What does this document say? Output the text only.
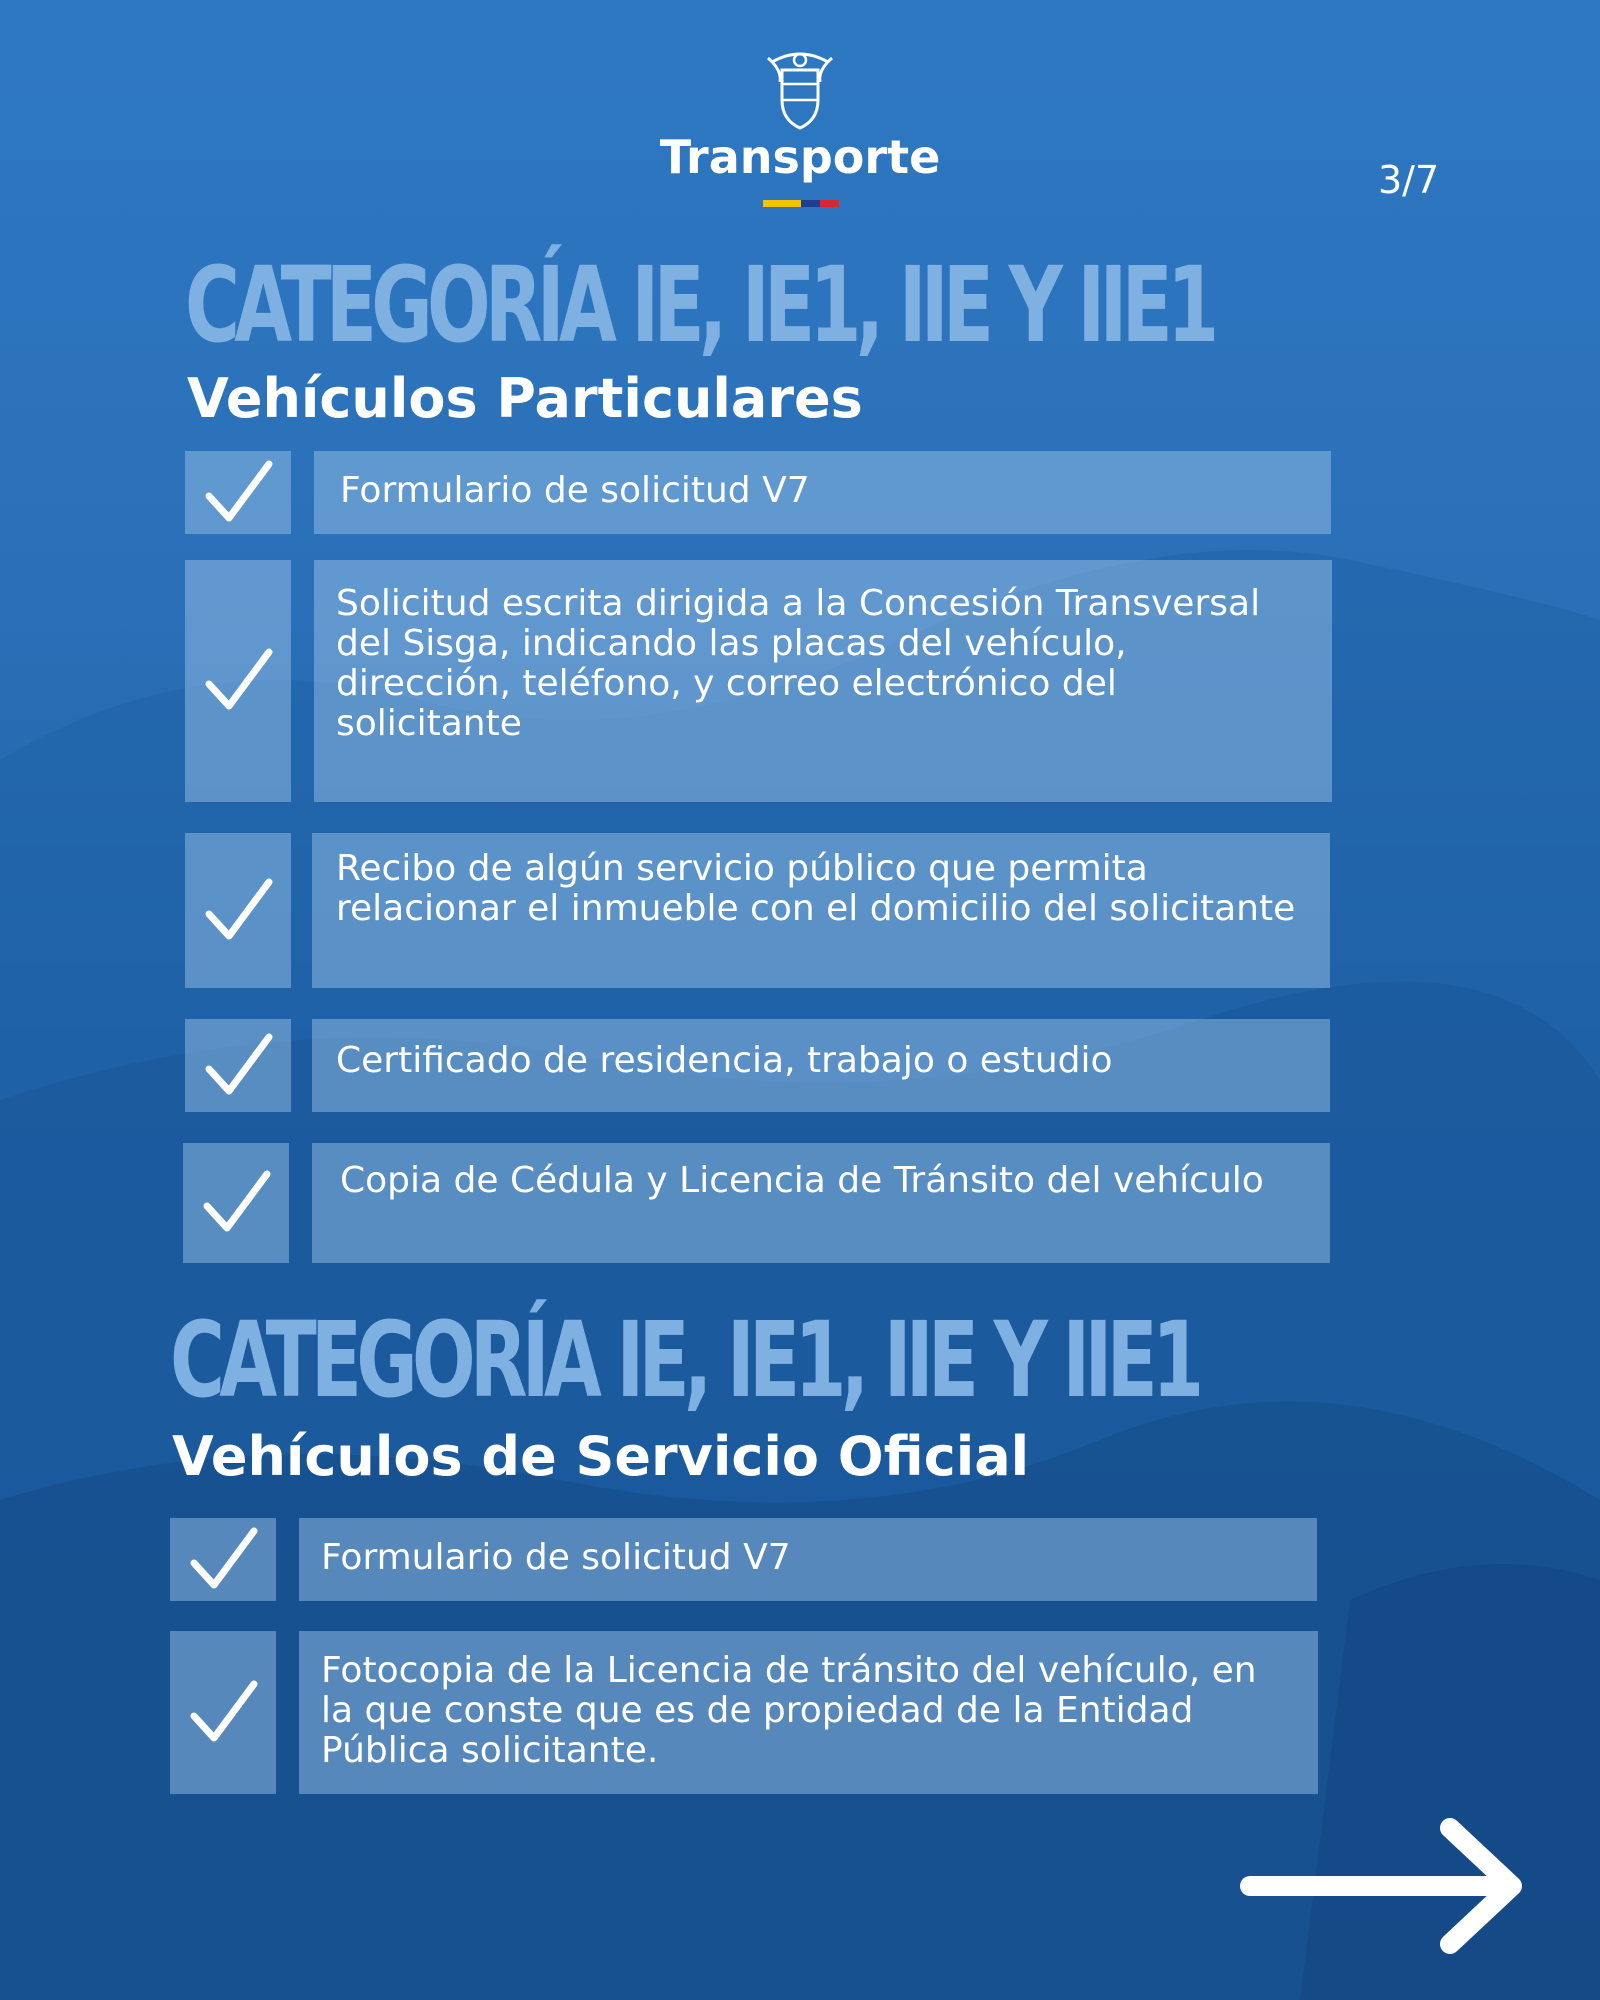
Transporte	3/7
CATEGORÍA IE, IE1, IIE Y IIE1
Vehículos Particulares
Formulario de solicitud V7
Solicitud escrita dirigida a la Concesión Transversal del Sisga, indicando las placas del vehículo, dirección, teléfono, y correo electrónico del solicitante
Recibo de algún servicio público que permita relacionar el inmueble con el domicilio del solicitante
Certificado de residencia, trabajo o estudio
Copia de Cédula y Licencia de Tránsito del vehículo
CATEGORÍA IE, IE1, IIE Y IIE1
Vehículos de Servicio Oficial
Formulario de solicitud V7
Fotocopia de la Licencia de tránsito del vehículo, en la que conste que es de propiedad de la Entidad Pública solicitante.
